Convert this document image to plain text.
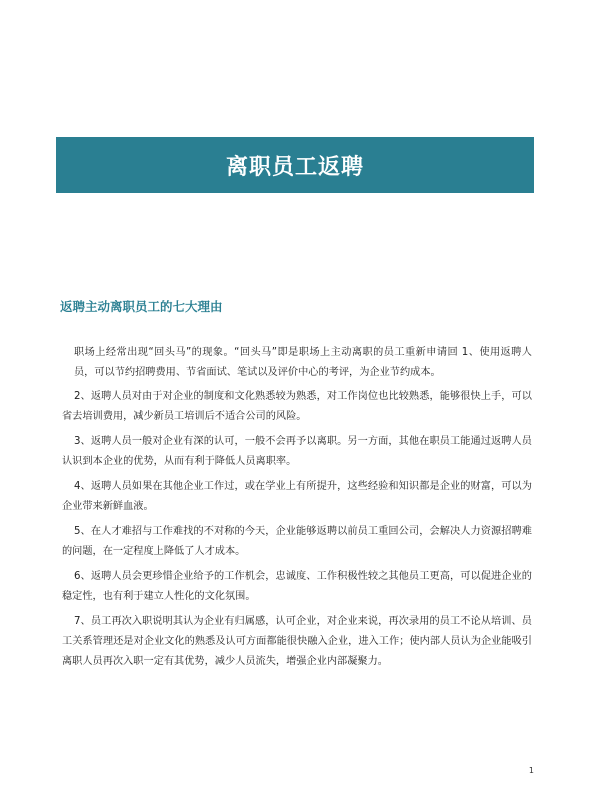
离职员工返聘
返聘主动离职员工的七大理由

职场上经常出现“回头马”的现象。“回头马”即是职场上主动离职的员工重新申请回 1、使用返聘人员，可以节约招聘费用、节省面试、笔试以及评价中心的考评，为企业节约成本。

2、返聘人员对由于对企业的制度和文化熟悉较为熟悉，对工作岗位也比较熟悉，能够很快上手，可以省去培训费用，减少新员工培训后不适合公司的风险。

3、返聘人员一般对企业有深的认可，一般不会再予以离职。另一方面，其他在职员工能通过返聘人员认识到本企业的优势，从而有利于降低人员离职率。

4、返聘人员如果在其他企业工作过，或在学业上有所提升，这些经验和知识都是企业的财富，可以为企业带来新鲜血液。

5、在人才难招与工作难找的不对称的今天，企业能够返聘以前员工重回公司，会解决人力资源招聘难的问题，在一定程度上降低了人才成本。

6、返聘人员会更珍惜企业给予的工作机会，忠诚度、工作积极性较之其他员工更高，可以促进企业的稳定性，也有利于建立人性化的文化氛围。

7、员工再次入职说明其认为企业有归属感，认可企业，对企业来说，再次录用的员工不论从培训、员工关系管理还是对企业文化的熟悉及认可方面都能很快融入企业，进入工作；使内部人员认为企业能吸引离职人员再次入职一定有其优势，减少人员流失，增强企业内部凝聚力。

1
